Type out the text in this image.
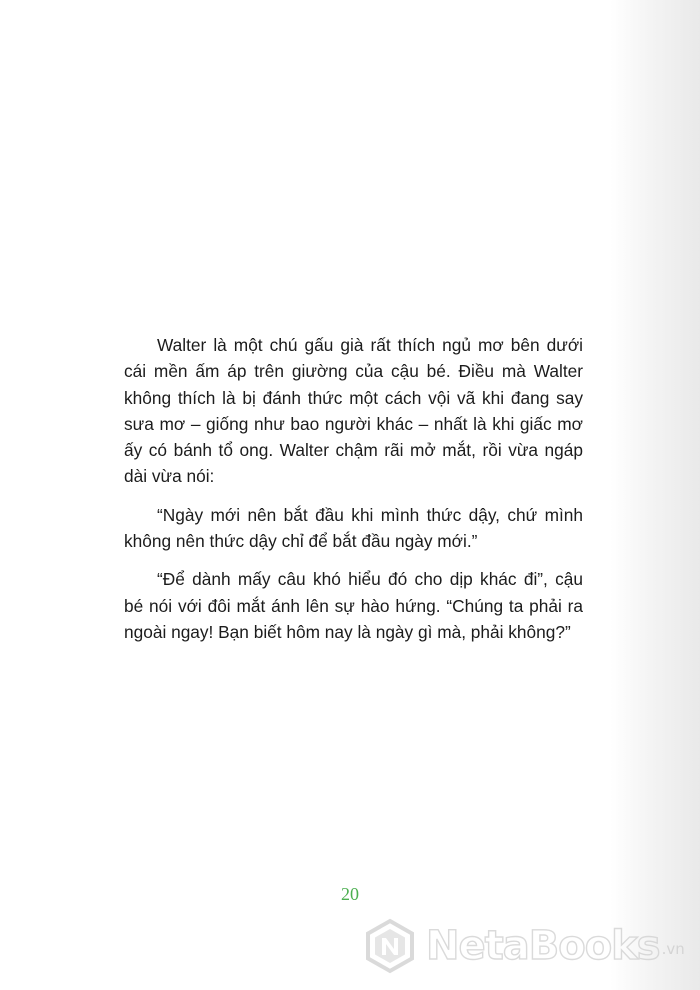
Walter là một chú gấu già rất thích ngủ mơ bên dưới
cái mền ấm áp trên giường của cậu bé. Điều mà Walter
không thích là bị đánh thức một cách vội vã khi đang say
sưa mơ – giống như bao người khác – nhất là khi giấc mơ
ấy có bánh tổ ong. Walter chậm rãi mở mắt, rồi vừa ngáp
dài vừa nói:

“Ngày mới nên bắt đầu khi mình thức dậy, chứ mình
không nên thức dậy chỉ để bắt đầu ngày mới.”

“Để dành mấy câu khó hiểu đó cho dịp khác đi”, cậu
bé nói với đôi mắt ánh lên sự hào hứng. “Chúng ta phải ra
ngoài ngay! Bạn biết hôm nay là ngày gì mà, phải không?”

20
NetaBooks .vn
